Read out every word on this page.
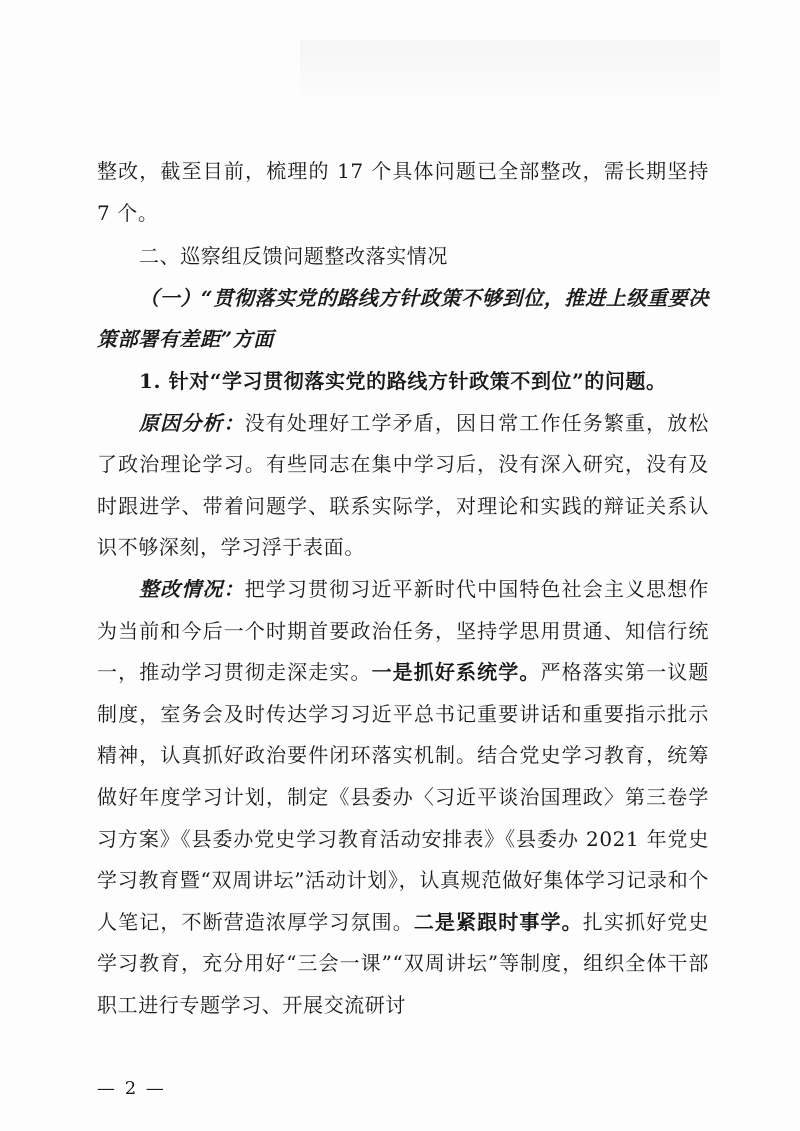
整改，截至目前，梳理的 17 个具体问题已全部整改，需长期坚持 7 个。

二、巡察组反馈问题整改落实情况

（一）“贯彻落实党的路线方针政策不够到位，推进上级重要决策部署有差距”方面

1. 针对“学习贯彻落实党的路线方针政策不到位”的问题。

原因分析：没有处理好工学矛盾，因日常工作任务繁重，放松了政治理论学习。有些同志在集中学习后，没有深入研究，没有及时跟进学、带着问题学、联系实际学，对理论和实践的辩证关系认识不够深刻，学习浮于表面。

整改情况：把学习贯彻习近平新时代中国特色社会主义思想作为当前和今后一个时期首要政治任务，坚持学思用贯通、知信行统一，推动学习贯彻走深走实。一是抓好系统学。严格落实第一议题制度，室务会及时传达学习习近平总书记重要讲话和重要指示批示精神，认真抓好政治要件闭环落实机制。结合党史学习教育，统筹做好年度学习计划，制定《县委办〈习近平谈治国理政〉第三卷学习方案》《县委办党史学习教育活动安排表》《县委办 2021 年党史学习教育暨“双周讲坛”活动计划》，认真规范做好集体学习记录和个人笔记，不断营造浓厚学习氛围。二是紧跟时事学。扎实抓好党史学习教育，充分用好“三会一课”“双周讲坛”等制度，组织全体干部职工进行专题学习、开展交流研讨

— 2 —
